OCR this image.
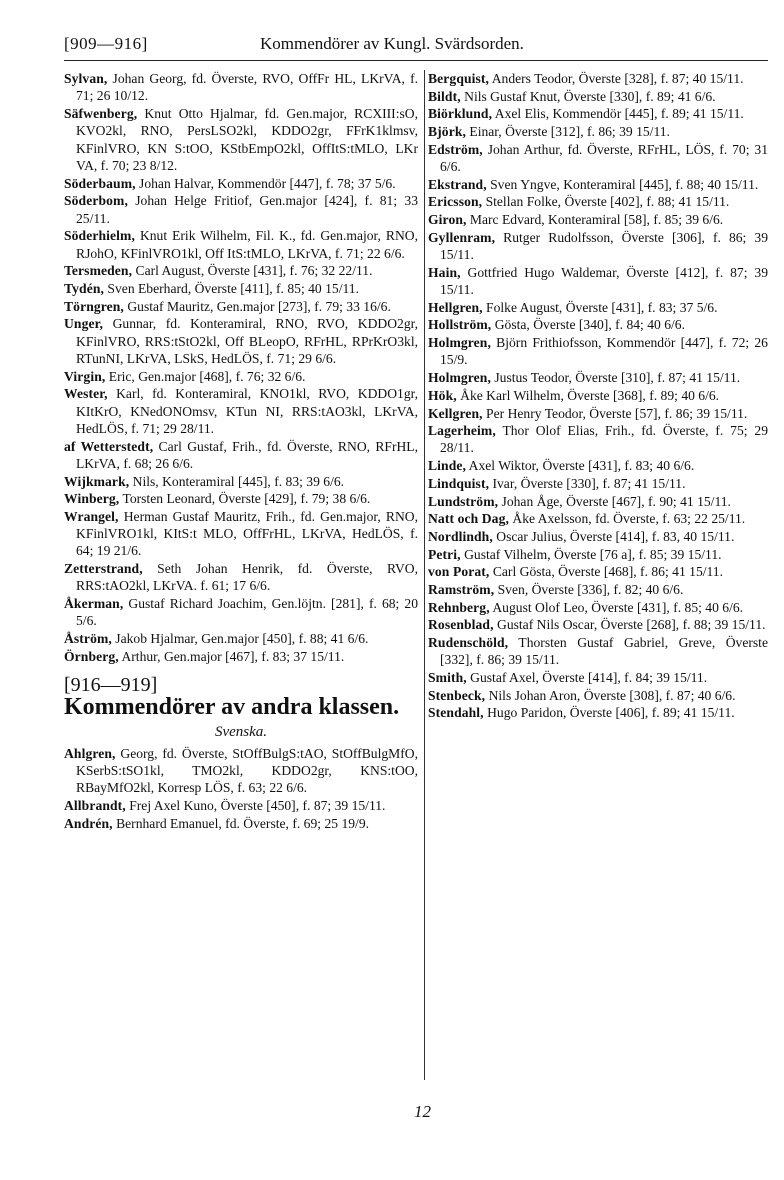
[909—916]	Kommendörer av Kungl. Svärdsorden.

Sylvan, Johan Georg, fd. Överste, RVO, OffFr HL, LKrVA, f. 71; 26 10/12.

Säfwenberg, Knut Otto Hjalmar, fd. Gen.major, RCXIII:sO, KVO2kl, RNO, PersLSO2kl, KDDO2gr, FFrK1klmsv, KFinlVRO, KN S:tOO, KStbEmpO2kl, OffItS:tMLO, LKr VA, f. 70; 23 8/12.

Söderbaum, Johan Halvar, Kommendör [447], f. 78; 37 5/6.

Söderbom, Johan Helge Fritiof, Gen.major [424], f. 81; 33 25/11.

Söderhielm, Knut Erik Wilhelm, Fil. K., fd. Gen.major, RNO, RJohO, KFinlVRO1kl, Off ItS:tMLO, LKrVA, f. 71; 22 6/6.

Tersmeden, Carl August, Överste [431], f. 76; 32 22/11.

Tydén, Sven Eberhard, Överste [411], f. 85; 40 15/11.

Törngren, Gustaf Mauritz, Gen.major [273], f. 79; 33 16/6.

Unger, Gunnar, fd. Konteramiral, RNO, RVO, KDDO2gr, KFinlVRO, RRS:tStO2kl, Off BLeopO, RFrHL, RPrKrO3kl, RTunNI, LKrVA, LSkS, HedLÖS, f. 71; 29 6/6.

Virgin, Eric, Gen.major [468], f. 76; 32 6/6.

Wester, Karl, fd. Konteramiral, KNO1kl, RVO, KDDO1gr, KItKrO, KNedONOmsv, KTun NI, RRS:tAO3kl, LKrVA, HedLÖS, f. 71; 29 28/11.

af Wetterstedt, Carl Gustaf, Frih., fd. Överste, RNO, RFrHL, LKrVA, f. 68; 26 6/6.

Wijkmark, Nils, Konteramiral [445], f. 83; 39 6/6.

Winberg, Torsten Leonard, Överste [429], f. 79; 38 6/6.

Wrangel, Herman Gustaf Mauritz, Frih., fd. Gen.major, RNO, KFinlVRO1kl, KItS:t MLO, OffFrHL, LKrVA, HedLÖS, f. 64; 19 21/6.

Zetterstrand, Seth Johan Henrik, fd. Överste, RVO, RRS:tAO2kl, LKrVA. f. 61; 17 6/6.

Åkerman, Gustaf Richard Joachim, Gen.löjtn. [281], f. 68; 20 5/6.

Åström, Jakob Hjalmar, Gen.major [450], f. 88; 41 6/6.

Örnberg, Arthur, Gen.major [467], f. 83; 37 15/11.

[916—919]
Kommendörer av andra klassen.
Svenska.

Ahlgren, Georg, fd. Överste, StOffBulgS:tAO, StOffBulgMfO, KSerbS:tSO1kl, TMO2kl, KDDO2gr, KNS:tOO, RBayMfO2kl, Korresp LÖS, f. 63; 22 6/6.

Allbrandt, Frej Axel Kuno, Överste [450], f. 87; 39 15/11.

Andrén, Bernhard Emanuel, fd. Överste, f. 69; 25 19/9.

Bergquist, Anders Teodor, Överste [328], f. 87; 40 15/11.

Bildt, Nils Gustaf Knut, Överste [330], f. 89; 41 6/6.

Biörklund, Axel Elis, Kommendör [445], f. 89; 41 15/11.

Björk, Einar, Överste [312], f. 86; 39 15/11.

Edström, Johan Arthur, fd. Överste, RFrHL, LÖS, f. 70; 31 6/6.

Ekstrand, Sven Yngve, Konteramiral [445], f. 88; 40 15/11.

Ericsson, Stellan Folke, Överste [402], f. 88; 41 15/11.

Giron, Marc Edvard, Konteramiral [58], f. 85; 39 6/6.

Gyllenram, Rutger Rudolfsson, Överste [306], f. 86; 39 15/11.

Hain, Gottfried Hugo Waldemar, Överste [412], f. 87; 39 15/11.

Hellgren, Folke August, Överste [431], f. 83; 37 5/6.

Hollström, Gösta, Överste [340], f. 84; 40 6/6.

Holmgren, Björn Frithiofsson, Kommendör [447], f. 72; 26 15/9.

Holmgren, Justus Teodor, Överste [310], f. 87; 41 15/11.

Hök, Åke Karl Wilhelm, Överste [368], f. 89; 40 6/6.

Kellgren, Per Henry Teodor, Överste [57], f. 86; 39 15/11.

Lagerheim, Thor Olof Elias, Frih., fd. Överste, f. 75; 29 28/11.

Linde, Axel Wiktor, Överste [431], f. 83; 40 6/6.

Lindquist, Ivar, Överste [330], f. 87; 41 15/11.

Lundström, Johan Åge, Överste [467], f. 90; 41 15/11.

Natt och Dag, Åke Axelsson, fd. Överste, f. 63; 22 25/11.

Nordlindh, Oscar Julius, Överste [414], f. 83, 40 15/11.

Petri, Gustaf Vilhelm, Överste [76 a], f. 85; 39 15/11.

von Porat, Carl Gösta, Överste [468], f. 86; 41 15/11.

Ramström, Sven, Överste [336], f. 82; 40 6/6.

Rehnberg, August Olof Leo, Överste [431], f. 85; 40 6/6.

Rosenblad, Gustaf Nils Oscar, Överste [268], f. 88; 39 15/11.

Rudenschöld, Thorsten Gustaf Gabriel, Greve, Överste [332], f. 86; 39 15/11.

Smith, Gustaf Axel, Överste [414], f. 84; 39 15/11.

Stenbeck, Nils Johan Aron, Överste [308], f. 87; 40 6/6.

Stendahl, Hugo Paridon, Överste [406], f. 89; 41 15/11.

12
